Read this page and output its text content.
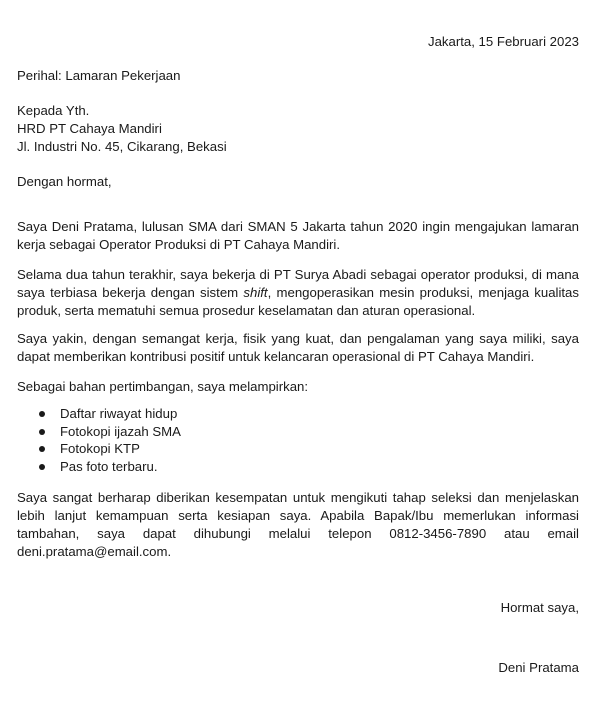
Jakarta, 15 Februari 2023
Perihal: Lamaran Pekerjaan
Kepada Yth.
HRD PT Cahaya Mandiri
Jl. Industri No. 45, Cikarang, Bekasi
Dengan hormat,
Saya Deni Pratama, lulusan SMA dari SMAN 5 Jakarta tahun 2020 ingin mengajukan lamaran kerja sebagai Operator Produksi di PT Cahaya Mandiri.
Selama dua tahun terakhir, saya bekerja di PT Surya Abadi sebagai operator produksi, di mana saya terbiasa bekerja dengan sistem shift, mengoperasikan mesin produksi, menjaga kualitas produk, serta mematuhi semua prosedur keselamatan dan aturan operasional.
Saya yakin, dengan semangat kerja, fisik yang kuat, dan pengalaman yang saya miliki, saya dapat memberikan kontribusi positif untuk kelancaran operasional di PT Cahaya Mandiri.
Sebagai bahan pertimbangan, saya melampirkan:
Daftar riwayat hidup
Fotokopi ijazah SMA
Fotokopi KTP
Pas foto terbaru.
Saya sangat berharap diberikan kesempatan untuk mengikuti tahap seleksi dan menjelaskan lebih lanjut kemampuan serta kesiapan saya. Apabila Bapak/Ibu memerlukan informasi tambahan, saya dapat dihubungi melalui telepon 0812-3456-7890 atau email deni.pratama@email.com.
Hormat saya,
Deni Pratama
